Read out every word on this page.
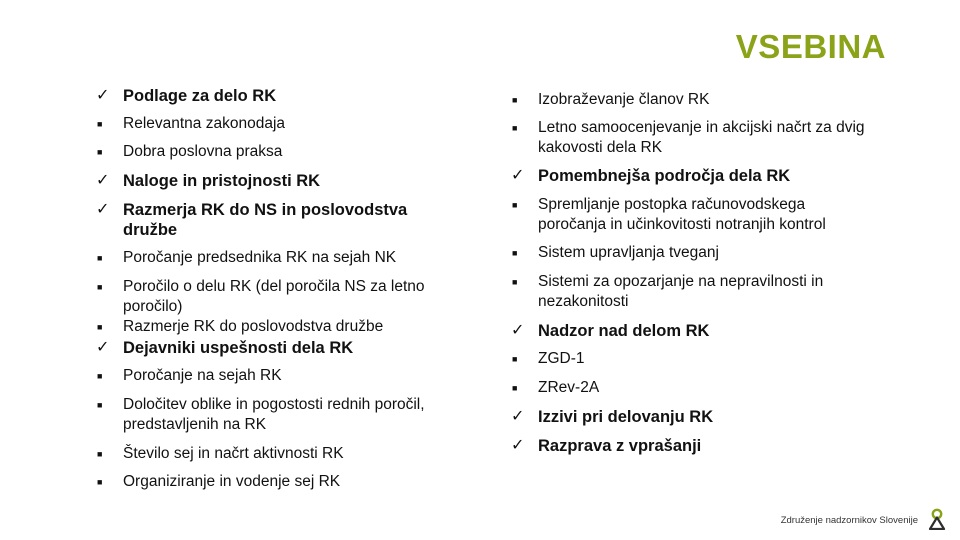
VSEBINA
✓ Podlage za delo RK
■	Relevantna zakonodaja
■	Dobra poslovna praksa
✓ Naloge in pristojnosti RK
✓ Razmerja RK do NS in poslovodstva družbe
■	Poročanje predsednika RK na sejah NK
■	Poročilo o delu RK (del poročila NS za letno poročilo)
■	Razmerje RK do poslovodstva družbe
✓ Dejavniki uspešnosti dela RK
■	Poročanje na sejah RK
■	Določitev oblike in pogostosti rednih poročil, predstavljenih na RK
■	Število sej in načrt aktivnosti RK
■	Organiziranje in vodenje sej RK
■	Izobraževanje članov RK
■	Letno samoocenjevanje in akcijski načrt za dvig kakovosti dela RK
✓ Pomembnejša področja dela RK
■	Spremljanje postopka računovodskega poročanja in učinkovitosti notranjih kontrol
■	Sistem upravljanja tveganj
■	Sistemi za opozarjanje na nepravilnosti in nezakonitosti
✓ Nadzor nad delom RK
■	ZGD-1
■	ZRev-2A
✓ Izzivi pri delovanju RK
✓ Razprava z vprašanji
Združenje nadzornikov Slovenije
